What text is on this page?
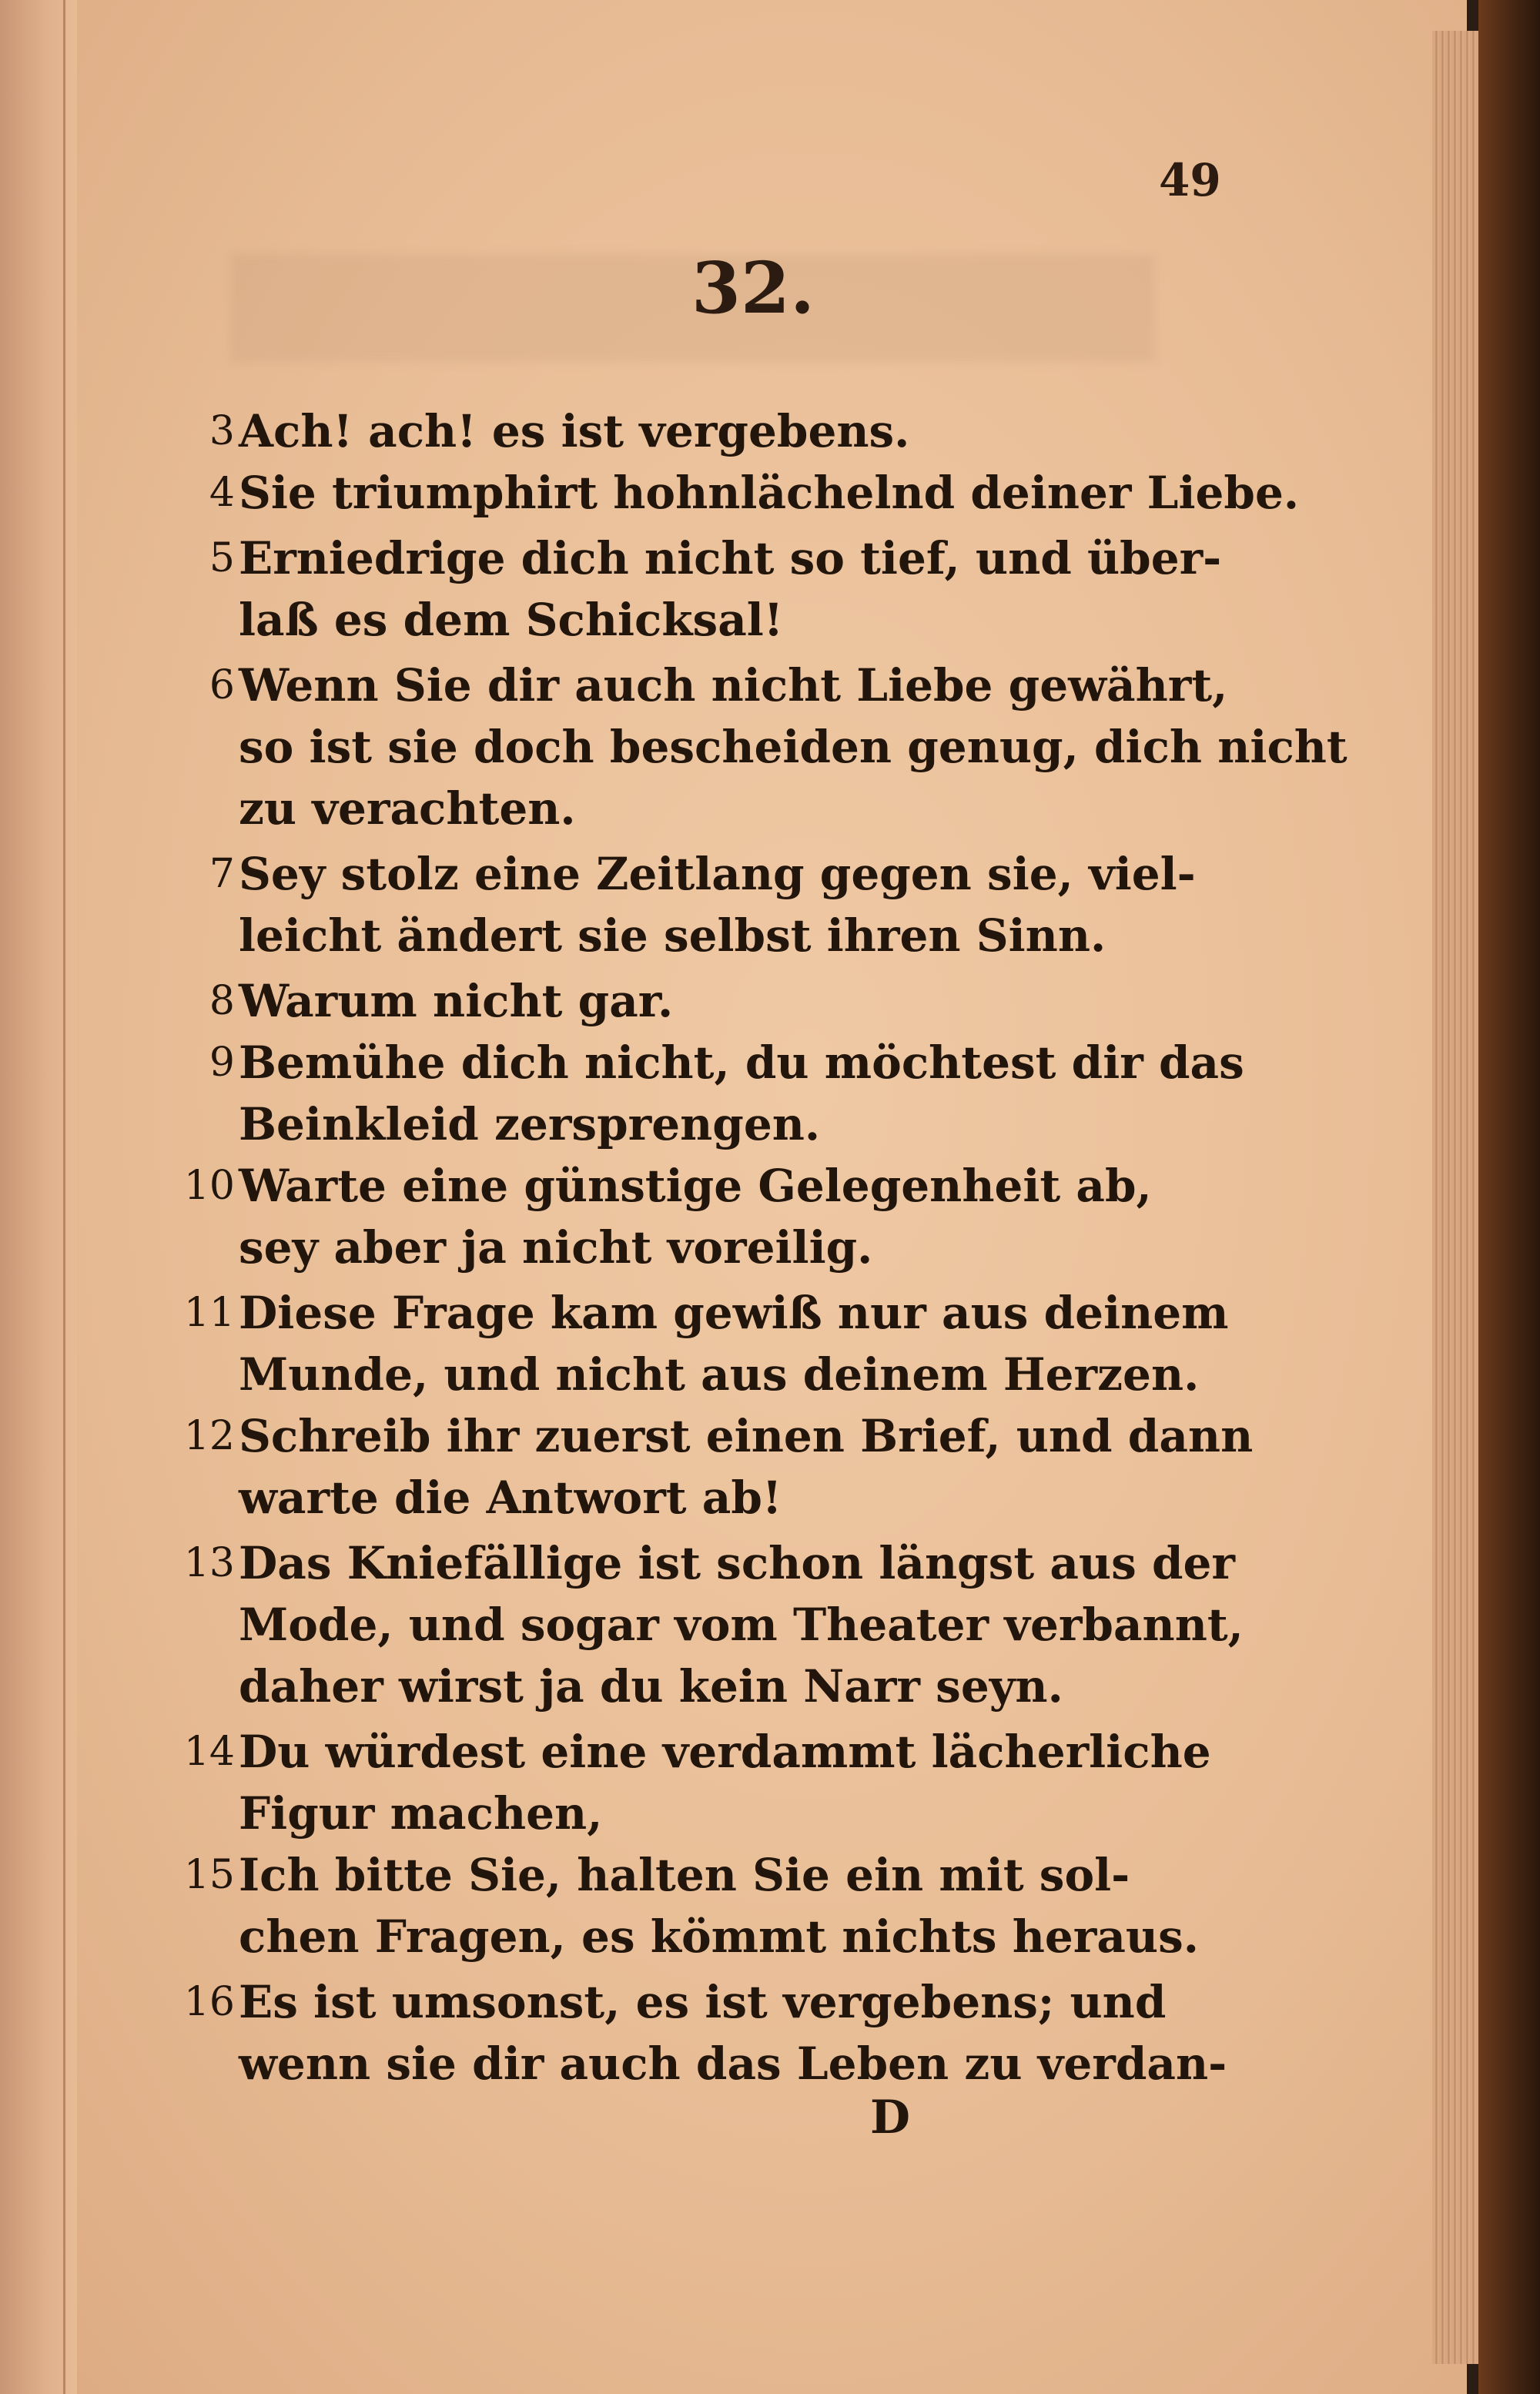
49
32.
3 Ach! ach! es ist vergebens.
4 Sie triumphirt hohnlächelnd deiner Liebe.
5 Erniedrige dich nicht so tief, und über-
laß es dem Schicksal!
6 Wenn Sie dir auch nicht Liebe gewährt,
so ist sie doch bescheiden genug, dich nicht
zu verachten.
7 Sey stolz eine Zeitlang gegen sie, viel-
leicht ändert sie selbst ihren Sinn.
8 Warum nicht gar.
9 Bemühe dich nicht, du möchtest dir das
Beinkleid zersprengen.
10 Warte eine günstige Gelegenheit ab,
sey aber ja nicht voreilig.
11 Diese Frage kam gewiß nur aus deinem
Munde, und nicht aus deinem Herzen.
12 Schreib ihr zuerst einen Brief, und dann
warte die Antwort ab!
13 Das Kniefällige ist schon längst aus der
Mode, und sogar vom Theater verbannt,
daher wirst ja du kein Narr seyn.
14 Du würdest eine verdammt lächerliche
Figur machen,
15 Ich bitte Sie, halten Sie ein mit sol-
chen Fragen, es kömmt nichts heraus.
16 Es ist umsonst, es ist vergebens; und
wenn sie dir auch das Leben zu verdan-
D
